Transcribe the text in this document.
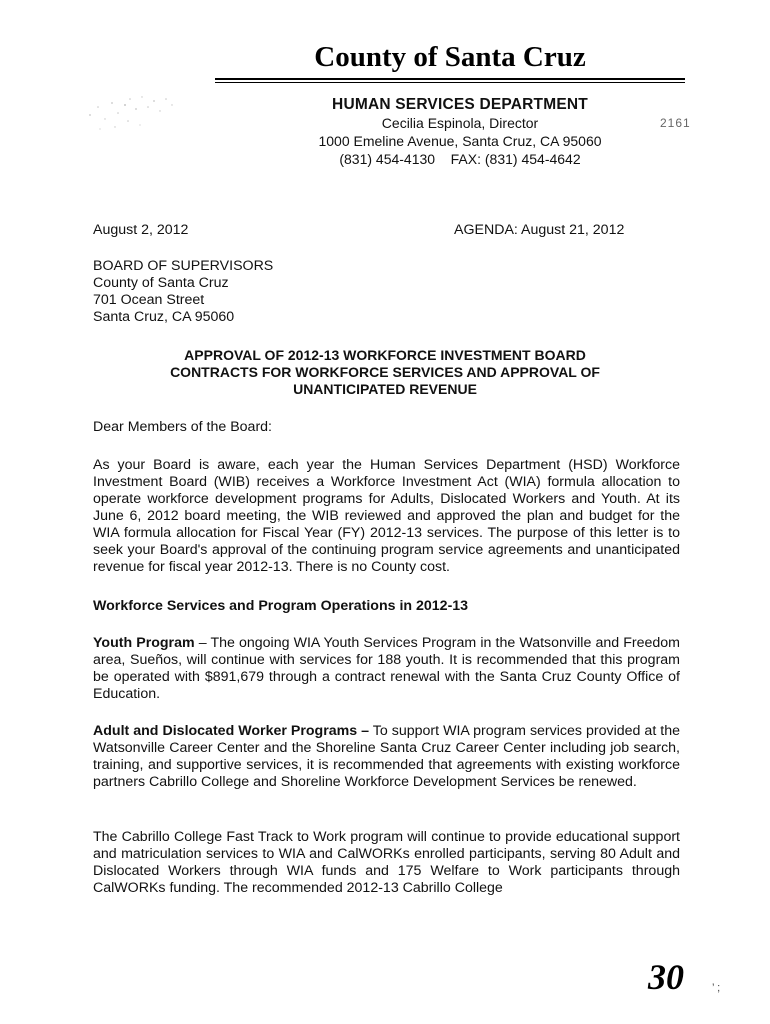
County of Santa Cruz
HUMAN SERVICES DEPARTMENT
Cecilia Espinola, Director
1000 Emeline Avenue, Santa Cruz, CA 95060
(831) 454-4130 FAX: (831) 454-4642
2161
August 2, 2012	AGENDA: August 21, 2012
BOARD OF SUPERVISORS
County of Santa Cruz
701 Ocean Street
Santa Cruz, CA 95060
APPROVAL OF 2012-13 WORKFORCE INVESTMENT BOARD
CONTRACTS FOR WORKFORCE SERVICES AND APPROVAL OF
UNANTICIPATED REVENUE
Dear Members of the Board:
As your Board is aware, each year the Human Services Department (HSD) Workforce Investment Board (WIB) receives a Workforce Investment Act (WIA) formula allocation to operate workforce development programs for Adults, Dislocated Workers and Youth. At its June 6, 2012 board meeting, the WIB reviewed and approved the plan and budget for the WIA formula allocation for Fiscal Year (FY) 2012-13 services. The purpose of this letter is to seek your Board's approval of the continuing program service agreements and unanticipated revenue for fiscal year 2012-13. There is no County cost.
Workforce Services and Program Operations in 2012-13
Youth Program – The ongoing WIA Youth Services Program in the Watsonville and Freedom area, Sueños, will continue with services for 188 youth. It is recommended that this program be operated with $891,679 through a contract renewal with the Santa Cruz County Office of Education.
Adult and Dislocated Worker Programs – To support WIA program services provided at the Watsonville Career Center and the Shoreline Santa Cruz Career Center including job search, training, and supportive services, it is recommended that agreements with existing workforce partners Cabrillo College and Shoreline Workforce Development Services be renewed.
The Cabrillo College Fast Track to Work program will continue to provide educational support and matriculation services to WIA and CalWORKs enrolled participants, serving 80 Adult and Dislocated Workers through WIA funds and 175 Welfare to Work participants through CalWORKs funding. The recommended 2012-13 Cabrillo College
30	’ ;
